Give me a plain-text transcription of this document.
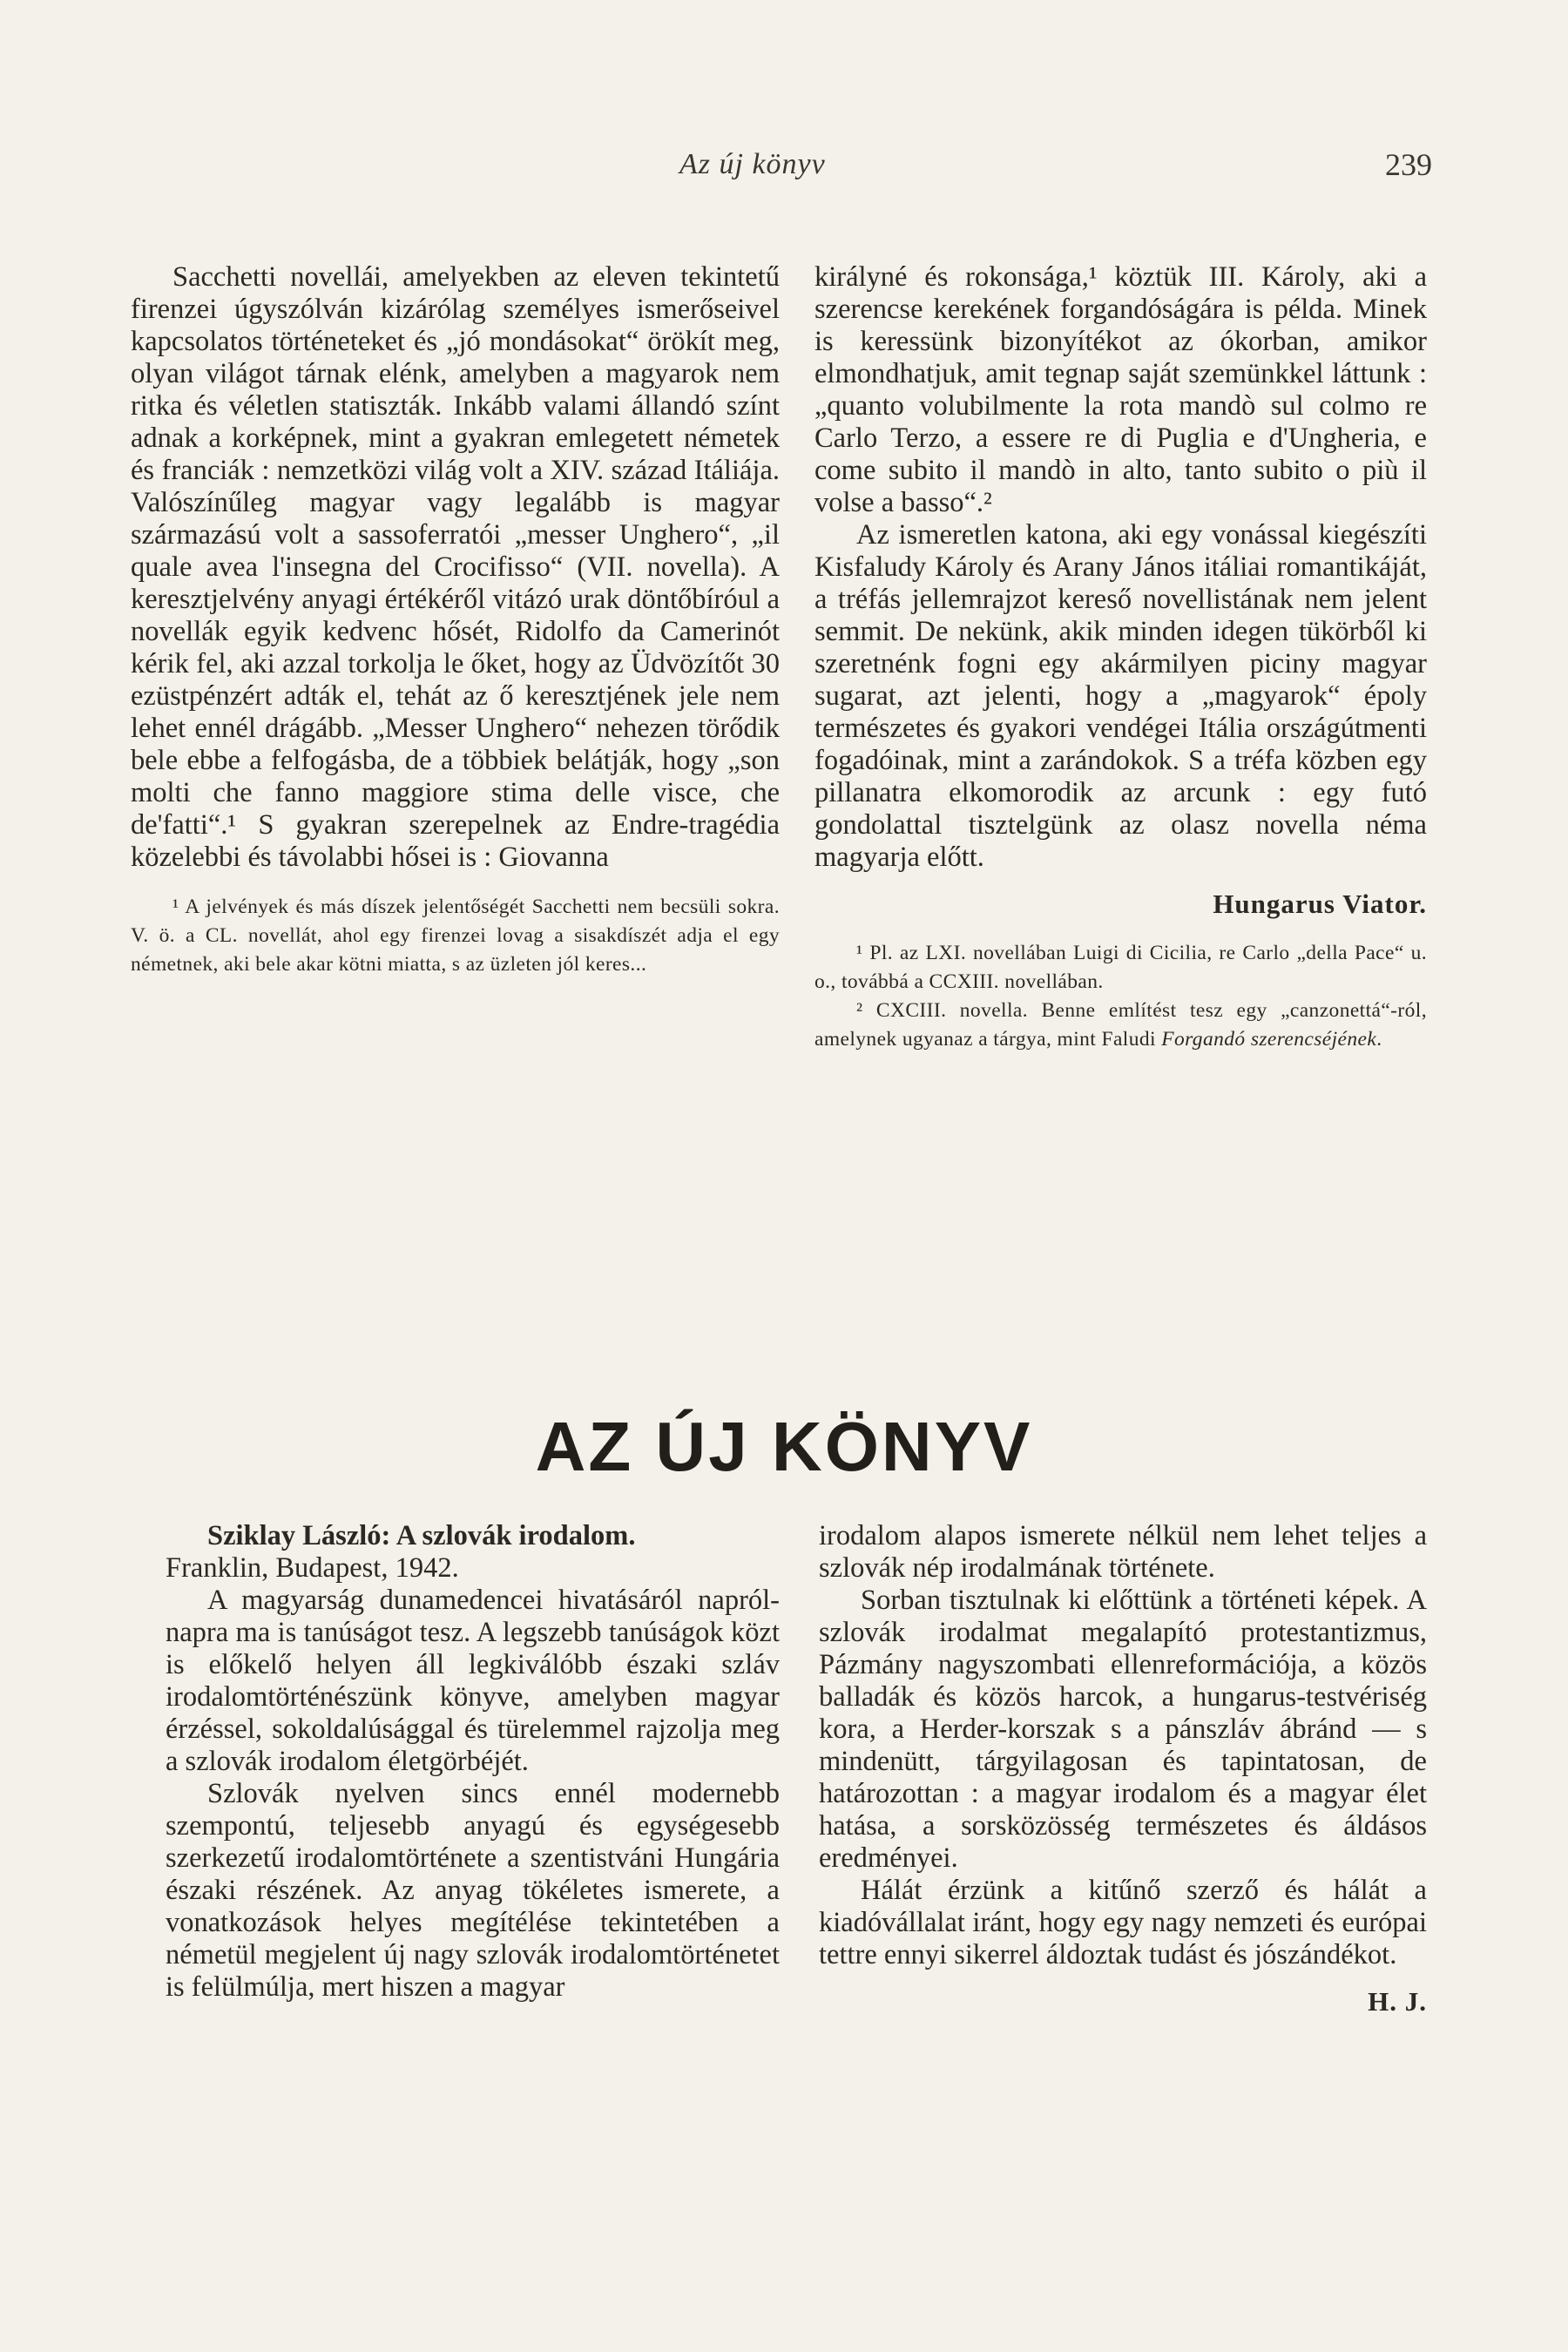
Az új könyv	239

Sacchetti novellái, amelyekben az eleven tekintetű firenzei úgyszólván kizárólag személyes ismerőseivel kapcsolatos történeteket és „jó mondásokat“ örökít meg, olyan világot tárnak elénk, amelyben a magyarok nem ritka és véletlen statiszták. Inkább valami állandó színt adnak a korképnek, mint a gyakran emlegetett németek és franciák : nemzetközi világ volt a XIV. század Itáliája. Valószínűleg magyar vagy legalább is magyar származású volt a sassoferratói „messer Unghero“, „il quale avea l'insegna del Crocifisso“ (VII. novella). A keresztjelvény anyagi értékéről vitázó urak döntőbíróul a novellák egyik kedvenc hősét, Ridolfo da Camerinót kérik fel, aki azzal torkolja le őket, hogy az Üdvözítőt 30 ezüstpénzért adták el, tehát az ő keresztjének jele nem lehet ennél drágább. „Messer Unghero“ nehezen törődik bele ebbe a felfogásba, de a többiek belátják, hogy „son molti che fanno maggiore stima delle visce, che de'fatti“.¹ S gyakran szerepelnek az Endre-tragédia közelebbi és távolabbi hősei is : Giovanna

¹ A jelvények és más díszek jelentőségét Sacchetti nem becsüli sokra. V. ö. a CL. novellát, ahol egy firenzei lovag a sisakdíszét adja el egy németnek, aki bele akar kötni miatta, s az üzleten jól keres...

királyné és rokonsága,¹ köztük III. Károly, aki a szerencse kerekének forgandóságára is példa. Minek is keressünk bizonyítékot az ókorban, amikor elmondhatjuk, amit tegnap saját szemünkkel láttunk : „quanto volubilmente la rota mandò sul colmo re Carlo Terzo, a essere re di Puglia e d'Ungheria, e come subito il mandò in alto, tanto subito o più il volse a basso“.²

Az ismeretlen katona, aki egy vonással kiegészíti Kisfaludy Károly és Arany János itáliai romantikáját, a tréfás jellemrajzot kereső novellistának nem jelent semmit. De nekünk, akik minden idegen tükörből ki szeretnénk fogni egy akármilyen piciny magyar sugarat, azt jelenti, hogy a „magyarok“ époly természetes és gyakori vendégei Itália országútmenti fogadóinak, mint a zarándokok. S a tréfa közben egy pillanatra elkomorodik az arcunk : egy futó gondolattal tisztelgünk az olasz novella néma magyarja előtt.

Hungarus Viator.

¹ Pl. az LXI. novellában Luigi di Cicilia, re Carlo „della Pace“ u. o., továbbá a CCXIII. novellában.

² CXCIII. novella. Benne említést tesz egy „canzonettá“-ról, amelynek ugyanaz a tárgya, mint Faludi Forgandó szerencséjének.

AZ ÚJ KÖNYV

Sziklay László: A szlovák irodalom.

Franklin, Budapest, 1942.

A magyarság dunamedencei hivatásáról napról-napra ma is tanúságot tesz. A legszebb tanúságok közt is előkelő helyen áll legkiválóbb északi szláv irodalomtörténészünk könyve, amelyben magyar érzéssel, sokoldalúsággal és türelemmel rajzolja meg a szlovák irodalom életgörbéjét.

Szlovák nyelven sincs ennél modernebb szempontú, teljesebb anyagú és egységesebb szerkezetű irodalomtörténete a szentistváni Hungária északi részének. Az anyag tökéletes ismerete, a vonatkozások helyes megítélése tekintetében a németül megjelent új nagy szlovák irodalomtörténetet is felülmúlja, mert hiszen a magyar

irodalom alapos ismerete nélkül nem lehet teljes a szlovák nép irodalmának története.

Sorban tisztulnak ki előttünk a történeti képek. A szlovák irodalmat megalapító protestantizmus, Pázmány nagyszombati ellenreformációja, a közös balladák és közös harcok, a hungarus-testvériség kora, a Herder-korszak s a pánszláv ábránd — s mindenütt, tárgyilagosan és tapintatosan, de határozottan : a magyar irodalom és a magyar élet hatása, a sorsközösség természetes és áldásos eredményei.

Hálát érzünk a kitűnő szerző és hálát a kiadóvállalat iránt, hogy egy nagy nemzeti és európai tettre ennyi sikerrel áldoztak tudást és jószándékot.

H. J.
